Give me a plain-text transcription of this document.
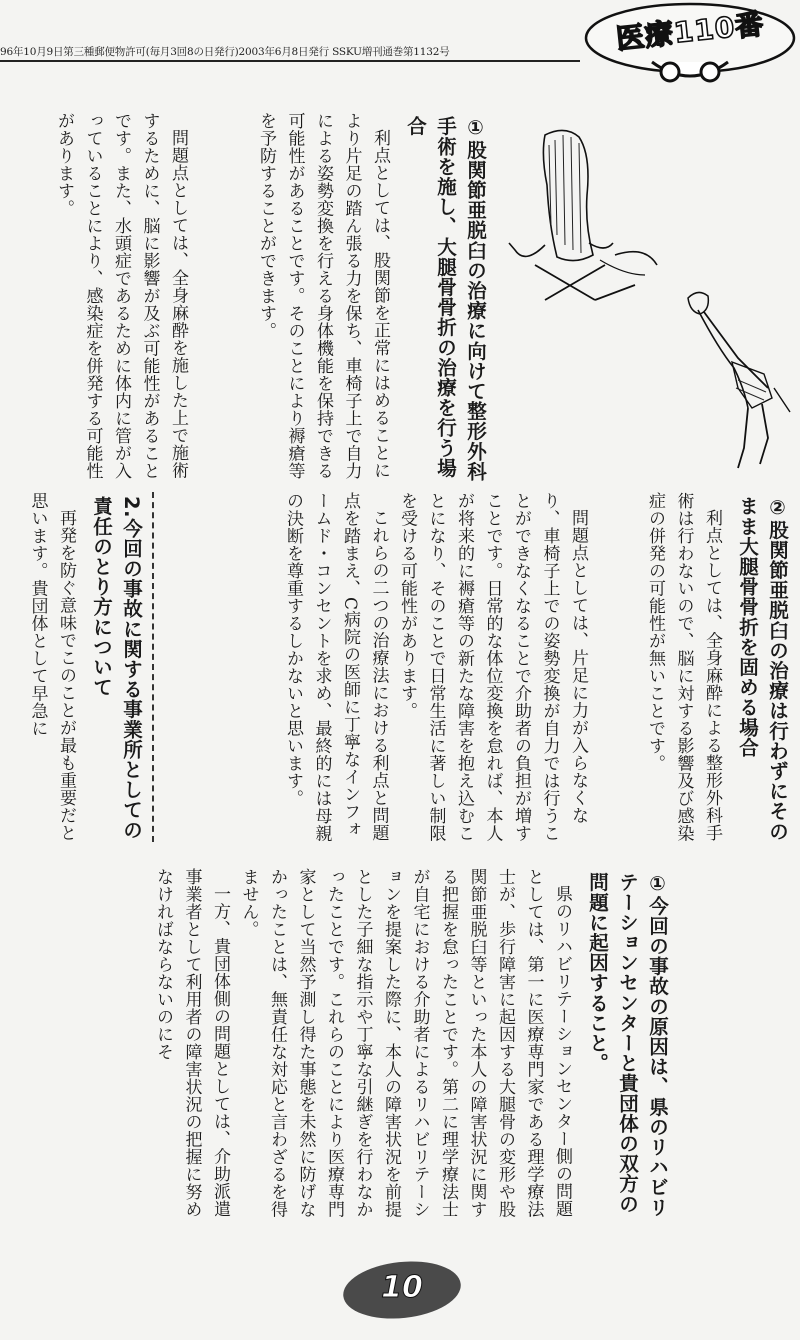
96年10月9日第三種郵便物許可(毎月3回8の日発行)2003年6月8日発行 SSKU増刊通巻第1132号	医療110番
①股関節亜脱臼の治療に向けて整形外科手術を施し、大腿骨骨折の治療を行う場合

利点としては、股関節を正常にはめることにより片足の踏ん張る力を保ち、車椅子上で自力による姿勢変換を行える身体機能を保持できる可能性があることです。そのことにより褥瘡等を予防することができます。

問題点としては、全身麻酔を施した上で施術するために、脳に影響が及ぶ可能性があることです。また、水頭症であるために体内に管が入っていることにより、感染症を併発する可能性があります。

②股関節亜脱臼の治療は行わずにそのまま大腿骨骨折を固める場合

利点としては、全身麻酔による整形外科手術は行わないので、脳に対する影響及び感染症の併発の可能性が無いことです。

問題点としては、片足に力が入らなくなり、車椅子上での姿勢変換が自力では行うことができなくなることで介助者の負担が増すことです。日常的な体位変換を怠れば、本人が将来的に褥瘡等の新たな障害を抱え込むことになり、そのことで日常生活に著しい制限を受ける可能性があります。

これらの二つの治療法における利点と問題点を踏まえ、C病院の医師に丁寧なインフォームド・コンセントを求め、最終的には母親の決断を尊重するしかないと思います。

2.今回の事故に関する事業所としての責任のとり方について

再発を防ぐ意味でこのことが最も重要だと思います。貴団体として早急に

①今回の事故の原因は、県のリハビリテーションセンターと貴団体の双方の問題に起因すること。

県のリハビリテーションセンター側の問題としては、第一に医療専門家である理学療法士が、歩行障害に起因する大腿骨の変形や股関節亜脱臼等といった本人の障害状況に関する把握を怠ったことです。第二に理学療法士が自宅における介助者によるリハビリテーションを提案した際に、本人の障害状況を前提とした子細な指示や丁寧な引継ぎを行わなかったことです。これらのことにより医療専門家として当然予測し得た事態を未然に防げなかったことは、無責任な対応と言わざるを得ません。

一方、貴団体側の問題としては、介助派遣事業者として利用者の障害状況の把握に努めなければならないのにそ

10
